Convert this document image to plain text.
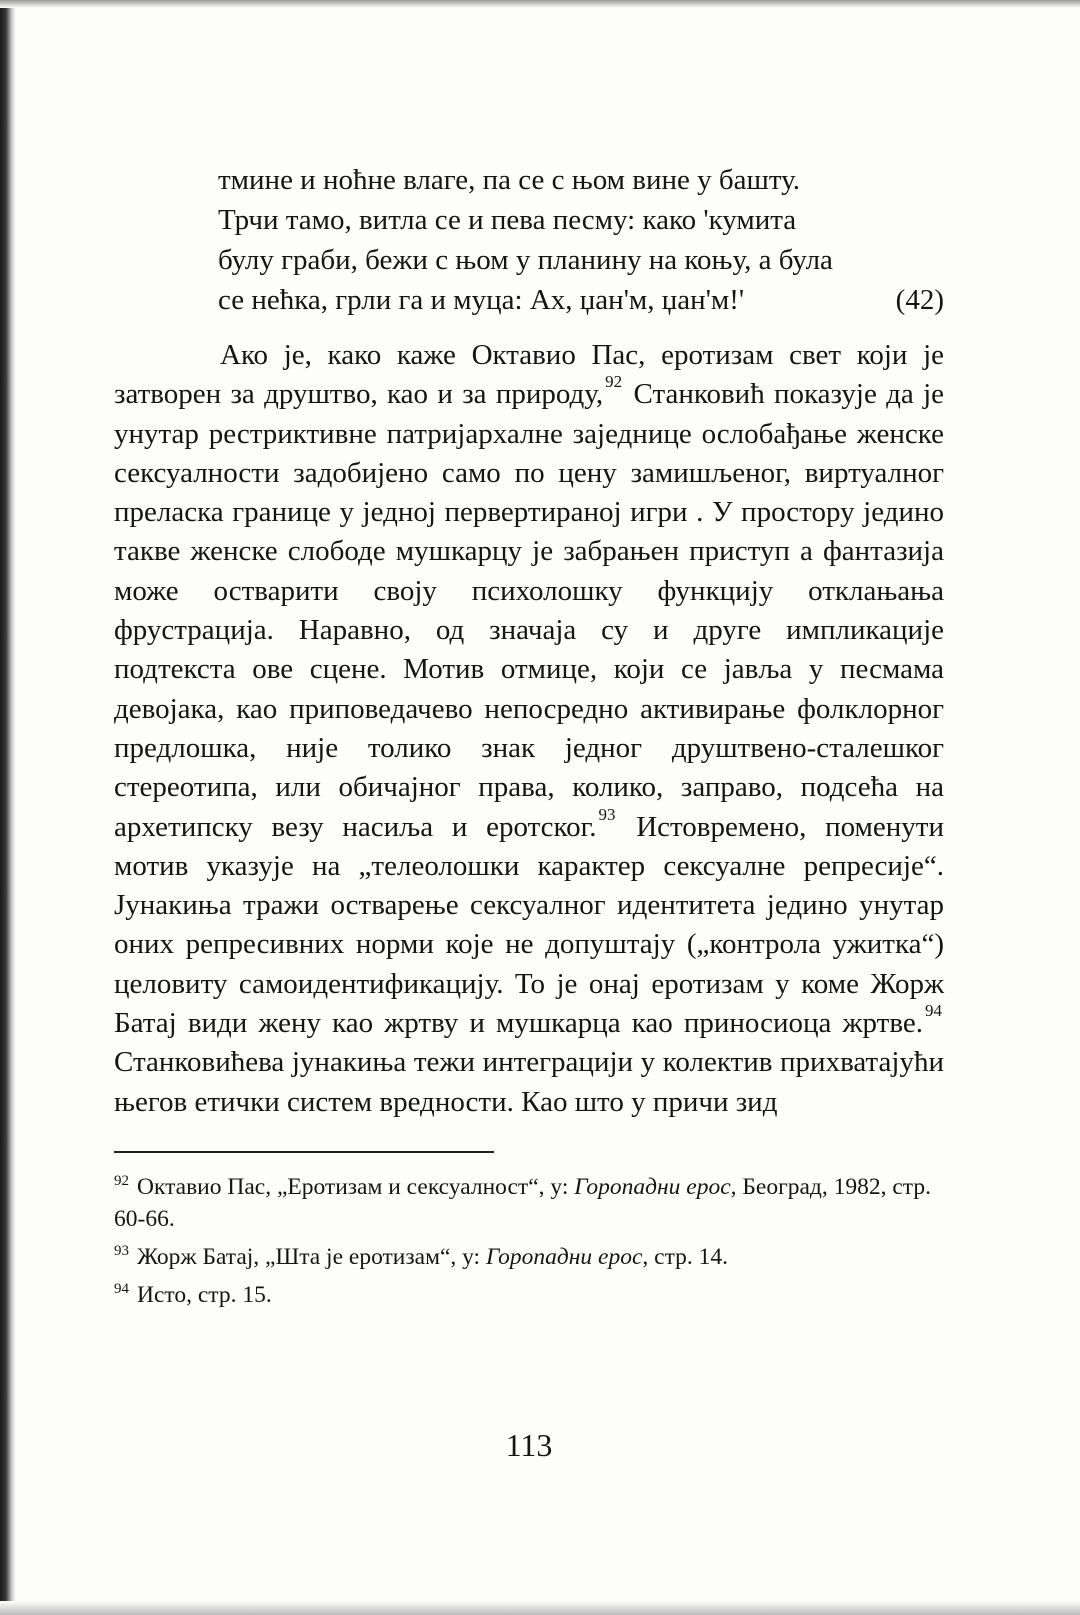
тмине и ноћне влаге, па се с њом вине у башту.
Трчи тамо, витла се и пева песму: како 'кумита
булу граби, бежи с њом у планину на коњу, а була
се нећка, грли га и муца: Ах, џан'м, џан'м!'	(42)

Ако је, како каже Октавио Пас, еротизам свет који је затворен за друштво, као и за природу, $^{92}$ Станковић показује да је унутар рестриктивне патријархалне заједнице ослобађање женске сексуалности задобијено само по цену замишљеног, виртуалног преласка границе у једној первертираној игри . У простору једино такве женске слободе мушкарцу је забрањен приступ а фантазија може остварити своју психолошку функцију отклањања фрустрација. Наравно, од значаја су и друге импликације подтекста ове сцене. Мотив отмице, који се јавља у песмама девојака, као приповедачево непосредно активирање фолклорног предлошка, није толико знак једног друштвено-сталешког стереотипа, или обичајног права, колико, заправо, подсећа на архетипску везу насиља и еротског. $^{93}$ Истовремено, поменути мотив указује на „телеолошки карактер сексуалне репресије“. Јунакиња тражи остварење сексуалног идентитета једино унутар оних репресивних норми које не допуштају („контрола ужитка“) целовиту самоидентификацију. То је онај еротизам у коме Жорж Батај види жену као жртву и мушкарца као приносиоца жртве. $^{94}$ Станковићева јунакиња тежи интеграцији у колектив прихватајући његов етички систем вредности. Као што у причи зид

$^{92}$ Октавио Пас, „Еротизам и сексуалност“, у: Горопадни ерос, Београд, 1982, стр. 60-66.

$^{93}$ Жорж Батај, „Шта је еротизам“, у: Горопадни ерос, стр. 14.

$^{94}$ Исто, стр. 15.

113
